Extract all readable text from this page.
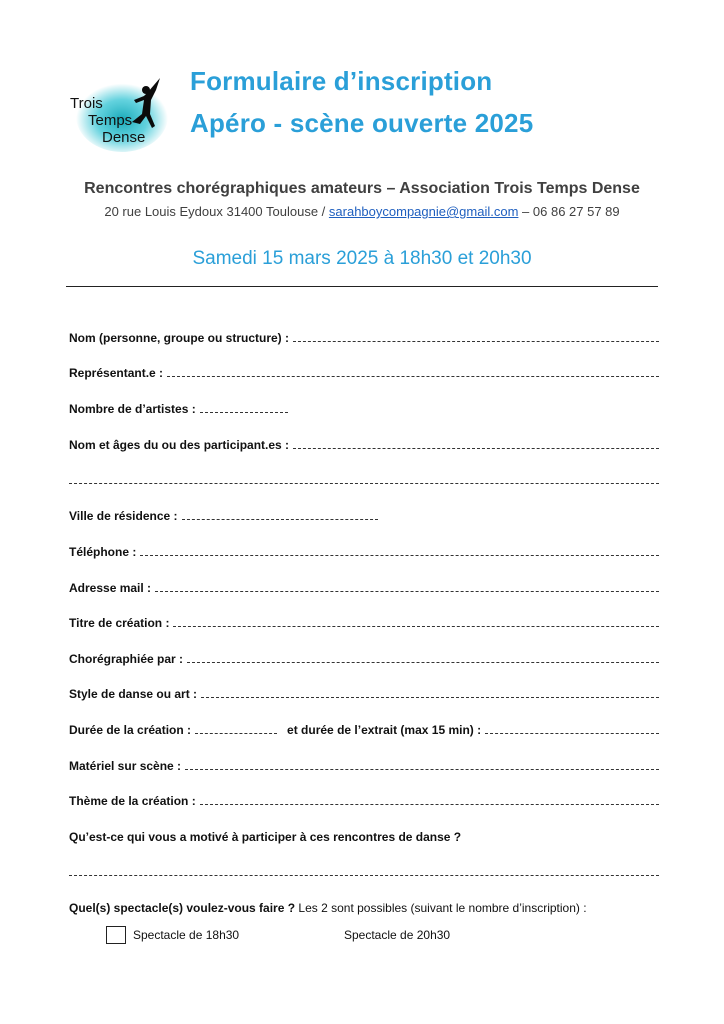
Trois
Temps
Dense
Formulaire d’inscription
Apéro - scène ouverte 2025
Rencontres chorégraphiques amateurs – Association Trois Temps Dense
20 rue Louis Eydoux 31400 Toulouse / sarahboycompagnie@gmail.com – 06 86 27 57 89
Samedi 15 mars 2025 à 18h30 et 20h30
Nom (personne, groupe ou structure) :
Représentant.e :
Nombre de d’artistes :
Nom et âges du ou des participant.es :
Ville de résidence :
Téléphone :
Adresse mail :
Titre de création :
Chorégraphiée par :
Style de danse ou art :
Durée de la création :	et durée de l’extrait (max 15 min) :
Matériel sur scène :
Thème de la création :
Qu’est-ce qui vous a motivé à participer à ces rencontres de danse ?
Quel(s) spectacle(s) voulez-vous faire ?
Les 2 sont possibles (suivant le nombre d’inscription) :
Spectacle de 18h30	Spectacle de 20h30
